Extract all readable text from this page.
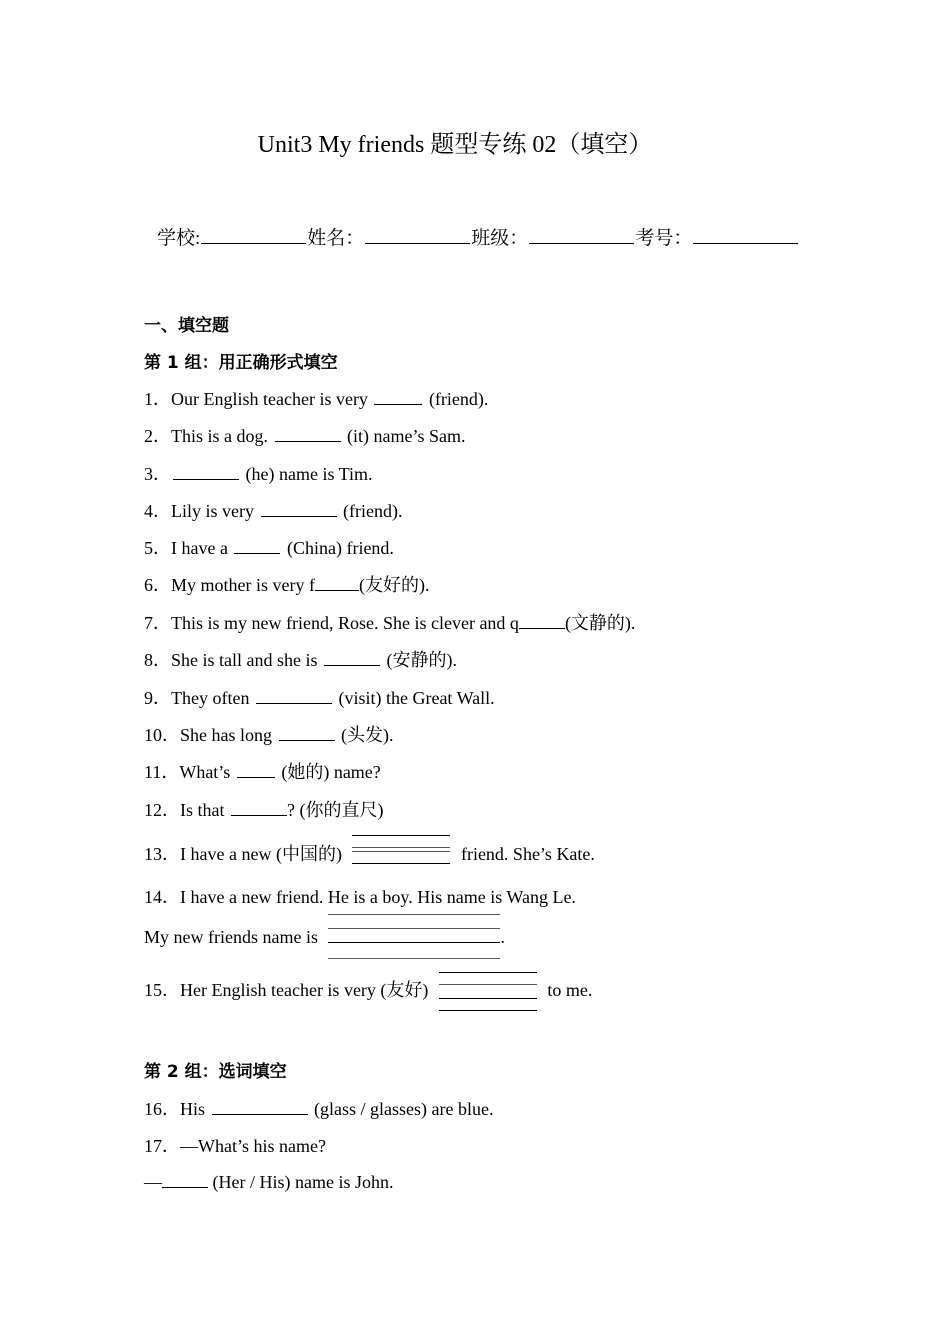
Unit3 My friends 题型专练 02（填空）
学校:	姓名：	班级：	考号：
一、填空题
第 1 组：用正确形式填空
1．Our English teacher is very	(friend).
2．This is a dog.	(it) name’s Sam.
3．	(he) name is Tim.
4．Lily is very	(friend).
5．I have a	(China) friend.
6．My mother is very f (友好的).
7．This is my new friend, Rose. She is clever and q	(文静的).
8．She is tall and she is	(安静的).
9．They often	(visit) the Great Wall.
10．She has long	(头发).
11．What’s	(她的) name?
12．Is that	? (你的直尺)
13．I have a new (中国的)	friend. She’s Kate.
14．I have a new friend. He is a boy. His name is Wang Le.
My new friends name is	.
15．Her English teacher is very (友好)	to me.
第 2 组：选词填空
16．His	(glass / glasses) are blue.
17．—What’s his name?
—	(Her / His) name is John.
